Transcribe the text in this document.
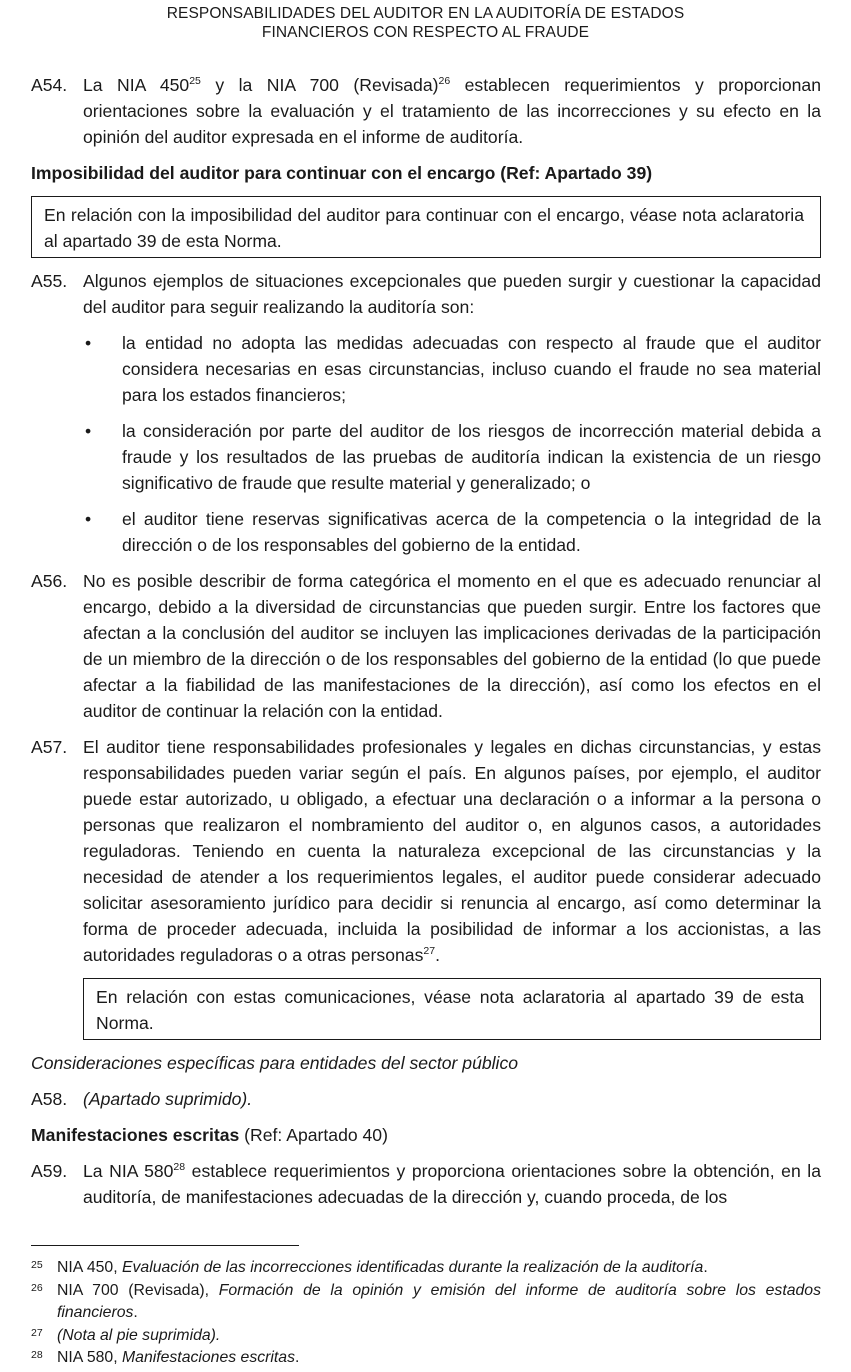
RESPONSABILIDADES DEL AUDITOR EN LA AUDITORÍA DE ESTADOS
FINANCIEROS CON RESPECTO AL FRAUDE
A54. La NIA $450^{25}$ y la NIA 700 (Revisada)$^{26}$ establecen requerimientos y proporcionan orientaciones sobre la evaluación y el tratamiento de las incorrecciones y su efecto en la opinión del auditor expresada en el informe de auditoría.
Imposibilidad del auditor para continuar con el encargo (Ref: Apartado 39)
En relación con la imposibilidad del auditor para continuar con el encargo, véase nota aclaratoria al apartado 39 de esta Norma.
A55. Algunos ejemplos de situaciones excepcionales que pueden surgir y cuestionar la capacidad del auditor para seguir realizando la auditoría son:
•	la entidad no adopta las medidas adecuadas con respecto al fraude que el auditor considera necesarias en esas circunstancias, incluso cuando el fraude no sea material para los estados financieros;
•	la consideración por parte del auditor de los riesgos de incorrección material debida a fraude y los resultados de las pruebas de auditoría indican la existencia de un riesgo significativo de fraude que resulte material y generalizado; o
•	el auditor tiene reservas significativas acerca de la competencia o la integridad de la dirección o de los responsables del gobierno de la entidad.
A56. No es posible describir de forma categórica el momento en el que es adecuado renunciar al encargo, debido a la diversidad de circunstancias que pueden surgir. Entre los factores que afectan a la conclusión del auditor se incluyen las implicaciones derivadas de la participación de un miembro de la dirección o de los responsables del gobierno de la entidad (lo que puede afectar a la fiabilidad de las manifestaciones de la dirección), así como los efectos en el auditor de continuar la relación con la entidad.
A57. El auditor tiene responsabilidades profesionales y legales en dichas circunstancias, y estas responsabilidades pueden variar según el país. En algunos países, por ejemplo, el auditor puede estar autorizado, u obligado, a efectuar una declaración o a informar a la persona o personas que realizaron el nombramiento del auditor o, en algunos casos, a autoridades reguladoras. Teniendo en cuenta la naturaleza excepcional de las circunstancias y la necesidad de atender a los requerimientos legales, el auditor puede considerar adecuado solicitar asesoramiento jurídico para decidir si renuncia al encargo, así como determinar la forma de proceder adecuada, incluida la posibilidad de informar a los accionistas, a las autoridades reguladoras o a otras personas$^{27}$.
En relación con estas comunicaciones, véase nota aclaratoria al apartado 39 de esta Norma.
Consideraciones específicas para entidades del sector público
A58. (Apartado suprimido).
Manifestaciones escritas (Ref: Apartado 40)
A59. La NIA $580^{28}$ establece requerimientos y proporciona orientaciones sobre la obtención, en la auditoría, de manifestaciones adecuadas de la dirección y, cuando proceda, de los
25 NIA 450, Evaluación de las incorrecciones identificadas durante la realización de la auditoría.
26 NIA 700 (Revisada), Formación de la opinión y emisión del informe de auditoría sobre los estados financieros.
27 (Nota al pie suprimida).
28 NIA 580, Manifestaciones escritas.
